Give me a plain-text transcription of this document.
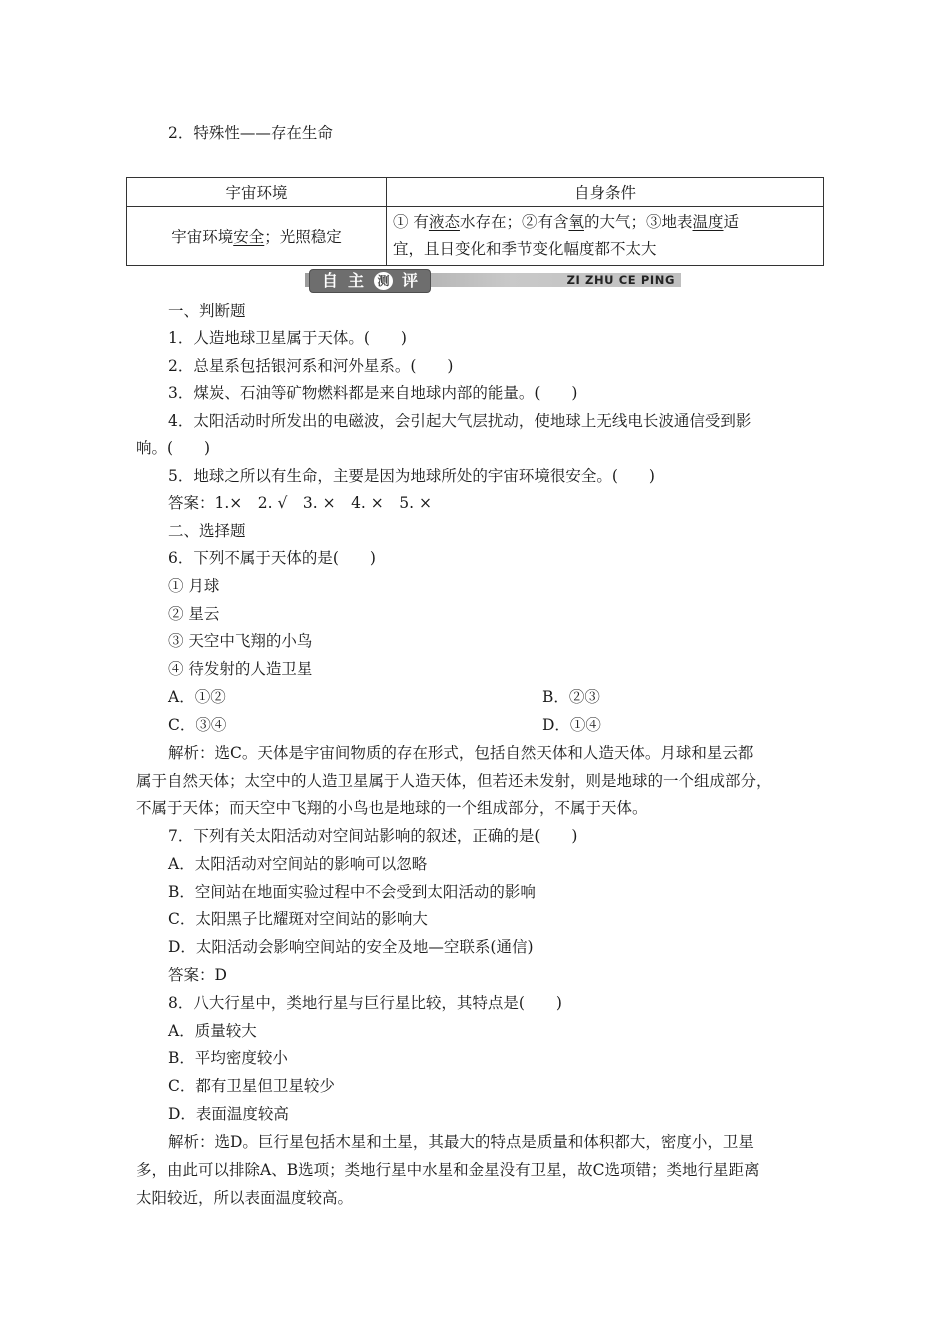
2．特殊性——存在生命
宇宙环境	自身条件
宇宙环境安全；光照稳定	① 有液态水存在；②有含氧的大气；③地表温度适
宜，且日变化和季节变化幅度都不太大
自 主 测 评	ZI ZHU CE PING
一、判断题
1．人造地球卫星属于天体。(　　)
2．总星系包括银河系和河外星系。(　　)
3．煤炭、石油等矿物燃料都是来自地球内部的能量。(　　)
4．太阳活动时所发出的电磁波，会引起大气层扰动，使地球上无线电长波通信受到影
响。(　　)
5．地球之所以有生命，主要是因为地球所处的宇宙环境很安全。(　　)
答案：1.×　2. √　3. ×　4. ×　5. ×
二、选择题
6．下列不属于天体的是(　　)
① 月球
② 星云
③ 天空中飞翔的小鸟
④ 待发射的人造卫星
A．①②	B．②③
C．③④	D．①④
解析：选C。天体是宇宙间物质的存在形式，包括自然天体和人造天体。月球和星云都
属于自然天体；太空中的人造卫星属于人造天体，但若还未发射，则是地球的一个组成部分，
不属于天体；而天空中飞翔的小鸟也是地球的一个组成部分，不属于天体。
7．下列有关太阳活动对空间站影响的叙述，正确的是(　　)
A．太阳活动对空间站的影响可以忽略
B．空间站在地面实验过程中不会受到太阳活动的影响
C．太阳黑子比耀斑对空间站的影响大
D．太阳活动会影响空间站的安全及地—空联系(通信)
答案：D
8．八大行星中，类地行星与巨行星比较，其特点是(　　)
A．质量较大
B．平均密度较小
C．都有卫星但卫星较少
D．表面温度较高
解析：选D。巨行星包括木星和土星，其最大的特点是质量和体积都大，密度小，卫星
多，由此可以排除A、B选项；类地行星中水星和金星没有卫星，故C选项错；类地行星距离
太阳较近，所以表面温度较高。
